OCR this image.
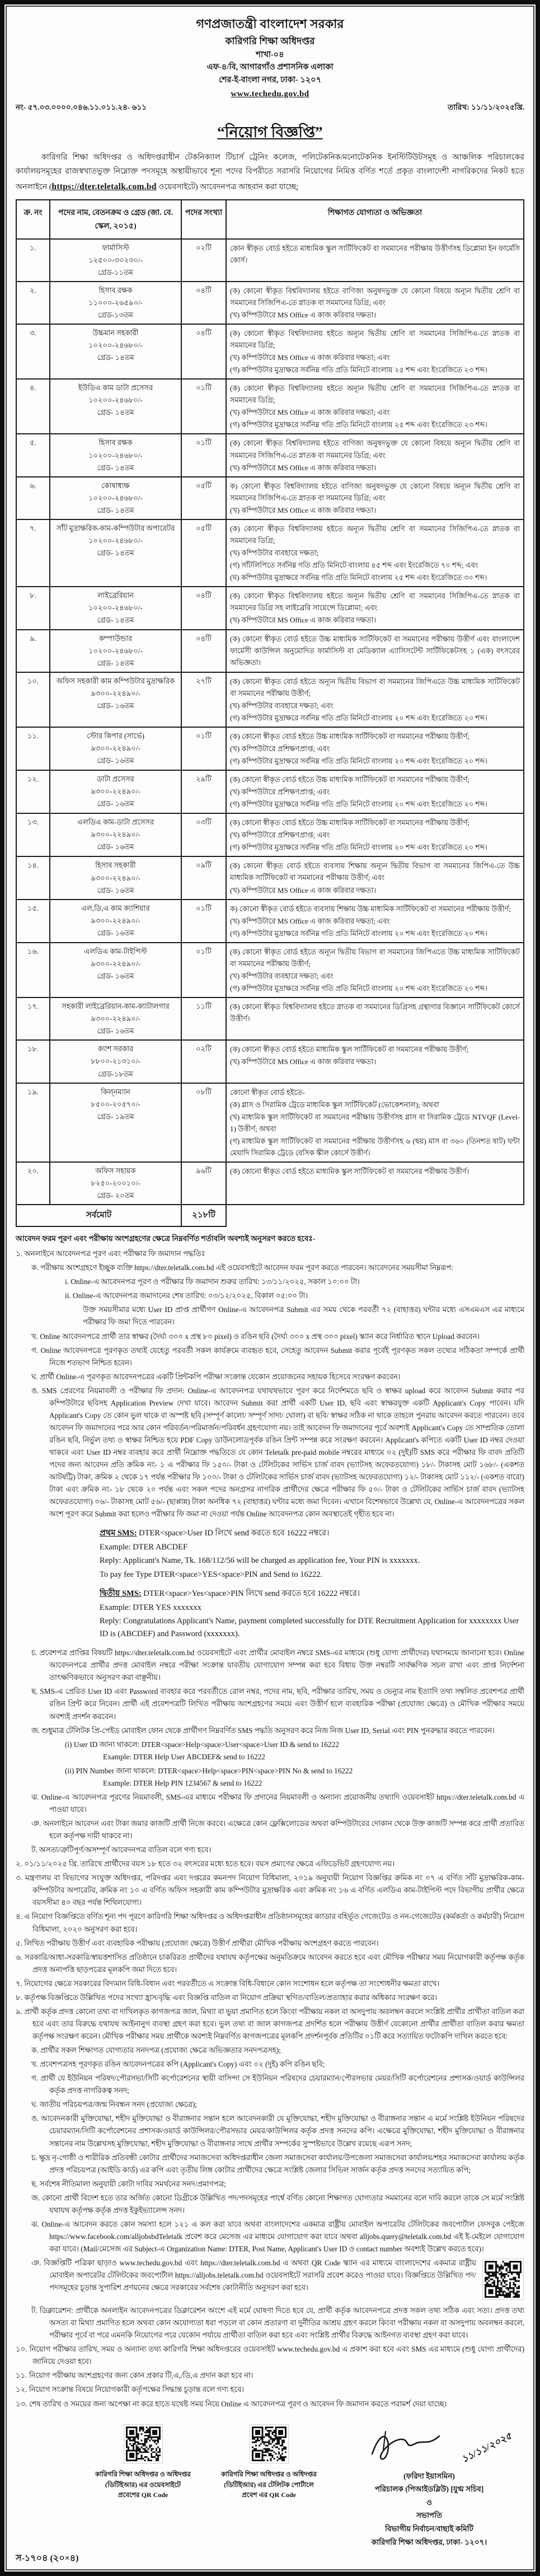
গণপ্রজাতন্ত্রী বাংলাদেশ সরকার
কারিগরি শিক্ষা অধিদপ্তর
শাখা-০৪
এফ-৪/বি, আগারগাঁও প্রশাসনিক এলাকা
শের-ই-বাংলা নগর, ঢাকা- ১২০৭
www.techedu.gov.bd
নং- ৫৭.০৩.০০০০.০৪৬.১১.০১১.২৪- ৬১১	তারিখ: ১১/১১/২০২৫খ্রি.
“নিয়োগ বিজ্ঞপ্তি”

কারিগরি শিক্ষা অধিদপ্তর ও অধিদপ্তরাধীন টেকনিক্যাল টিচার্স ট্রেনিং কলেজ, পলিটেকনিক/মনোটেকনিক ইনস্টিটিউটসমূহ ও আঞ্চলিক পরিচালকের কার্যালয়সমূহের রাজস্বখাতভুক্ত নিম্নোক্ত পদসমূহে অস্থায়ীভাবে শূন্য পদের বিপরীতে সরাসরি নিয়োগের নিমিত্ত বর্ণিত শর্তে প্রকৃত বাংলাদেশী নাগরিকদের নিকট হতে অনলাইনে (https://dter.teletalk.com.bd ওয়েবসাইটে) আবেদনপত্র আহবান করা যাচ্ছে;

ক্র. নং	পদের নাম, বেতনক্রম ও গ্রেড (জা. বে. স্কেল, ২০১৫)	পদের সংখ্যা	শিক্ষাগত যোগ্যতা ও অভিজ্ঞতা
১.	ফার্মাসিস্ট
১২৫০০-৩০২৩০/-
গ্রেড-১১তম	০২টি	কোন স্বীকৃত বোর্ড হইতে মাধ্যমিক স্কুল সার্টিফিকেট বা সমমানের পরীক্ষায় উত্তীর্ণসহ ডিপ্লোমা ইন ফার্মেসি কোর্স।

২.	হিসাব রক্ষক
১১০০০-২৬৫৯০/-
গ্রেড-১৩তম
	০৪টি	(ক) কোনো স্বীকৃত বিশ্ববিদ্যালয় হইতে বাণিজ্য অনুষদভুক্ত যে কোনো বিষয়ে অন্যূন দ্বিতীয় শ্রেণি বা সমমানের সিজিপিএ-তে স্নাতক বা সমমানের ডিগ্রি; এবং
(খ) কম্পিউটারে MS Office এ কাজ করিবার দক্ষতা।

৩.	উচ্চমান সহকারী
১০২০০-২৪৬৮০/-
গ্রেড- ১৪তম
	০৪টি	(ক) কোনো স্বীকৃত বিশ্ববিদ্যালয় হইতে অন্যূন দ্বিতীয় শ্রেণি বা সমমানের সিজিপিএ-তে স্নাতক বা সমমানের ডিগ্রি;
(খ) কম্পিউটারে MS Office এ কাজ করিবার দক্ষতা; এবং
(গ) কম্পিউটার মুদ্রাক্ষরে সর্বনিম্ন গতি প্রতি মিনিটে বাংলায় ২৫ শব্দ এবং ইংরেজিতে ২৩ শব্দ।

৪.	ইউডিএ কাম ডাটা প্রসেসর
১০২০০-২৪৬৮০/-
গ্রেড- ১৪তম
	০১টি	(ক) কোনো স্বীকৃত বিশ্ববিদ্যালয় হইতে অন্যূন দ্বিতীয় শ্রেণি বা সমমানের সিজিপিএ-তে স্নাতক বা সমমানের ডিগ্রি;
(খ) কম্পিউটারে MS Office এ কাজ করিবার দক্ষতা; এবং
(গ) কম্পিউটার মুদ্রাক্ষরে সর্বনিম্ন গতি প্রতি মিনিটে বাংলায় ২৫ শব্দ এবং ইংরেজিতে ২৩ শব্দ।

৫.	হিসাব রক্ষক
১০২০০-২৪৬৮০/-
গ্রেড- ১৪তম
	০১টি	(ক) কোনো স্বীকৃত বিশ্ববিদ্যালয় হইতে বাণিজ্য অনুষদভুক্ত যে কোনো বিষয়ে অন্যূন দ্বিতীয় শ্রেণি বা সমমানের সিজিপিএ-তে স্নাতক বা সমমানের ডিগ্রি; এবং
(খ) কম্পিউটারে MS Office এ কাজ করিবার দক্ষতা।

৬.	কোষাধ্যক্ষ
১০২০০-২৪৬৮০/-
গ্রেড- ১৪তম
	০৫টি	ক) কোনো স্বীকৃত বিশ্ববিদ্যালয় হইতে বাণিজ্য অনুষদভুক্ত যে কোনো বিষয়ে অন্যূন দ্বিতীয় শ্রেণি বা সমমানের সিজিপিএ-তে স্নাতক বা সমমানের ডিগ্রি; এবং
(খ) কম্পিউটারে MS Office এ কাজ করিবার দক্ষতা।

৭.	সাঁট মুদ্রাক্ষরিক-কাম-কম্পিউটার অপারেটর
১০২০০-২৪৬৮০/-
গ্রেড- ১৪তম
	০৫টি	(ক) কোনো স্বীকৃত বিশ্ববিদ্যালয় হইতে অন্যূন দ্বিতীয় শ্রেণি বা সমমানের সিজিপিএ-তে স্নাতক বা সমমানের ডিগ্রি;
(খ) কম্পিউটার ব্যবহারে দক্ষতা;
(গ) সাঁটলিপিতে সর্বনিম্ন গতি প্রতি মিনিটে বাংলায় ৪৫ শব্দ এবং ইংরেজিতে ৭০ শব্দ; এবং
(ঘ) কম্পিউটার মুদ্রাক্ষরে সর্বনিম্ন গতি প্রতি মিনিটে বাংলায় ২৫ শব্দ এবং ইংরেজিতে ৩০ শব্দ।

৮.	লাইব্রেরিয়ান
১০২০০-২৪৬৮০/-
গ্রেড- ১৪তম
	০৪টি	(ক) কোনো স্বীকৃত বিশ্ববিদ্যালয় হইতে অন্যূন দ্বিতীয় শ্রেণি বা সমমানের সিজিপিএ-তে স্নাতক বা সমমানের ডিগ্রি সহ লাইব্রেরি সায়েন্সে ডিপ্লোমা; এবং
(খ) কম্পিউটারে MS Office এ কাজ করিবার দক্ষতা।

৯.	কম্পাউন্ডার
১০২০০-২৪৬৮০/-
গ্রেড- ১৪তম	০৪টি	(ক) কোনো স্বীকৃত বোর্ড হইতে উচ্চ মাধ্যমিক সার্টিফিকেট বা সমমানের পরীক্ষায় উত্তীর্ণ এবং বাংলাদেশ ফার্মেসী কাউন্সিল অনুমোদিত ফার্মাসিস্ট বা মেডিক্যাল এ্যাসিসটেন্ট সার্টিফিকেটসহ ১ (এক) বৎসরের অভিজ্ঞতা।

১০.	অফিস সহকারী কাম কম্পিউটার মুদ্রাক্ষরিক
৯৩০০-২২৪৯০/-
গ্রেড- ১৬তম
	২৭টি	(ক) কোনো স্বীকৃত বোর্ড হইতে অন্যূন দ্বিতীয় বিভাগ বা সমমানের জিপিএতে উচ্চ মাধ্যমিক সার্টিফিকেট বা সমমানের পরীক্ষায় উত্তীর্ণ;
(খ) কম্পিউটার ব্যবহারে দক্ষতা; এবং
(গ) কম্পিউটার মুদ্রাক্ষরে সর্বনিম্ন গতি প্রতি মিনিটে বাংলায় ২০ শব্দ এবং ইংরেজিতে ২০ শব্দ।

১১.	স্টোর কিপার (সার্ভে)
৯৩০০-২২৪৯০/-
গ্রেড- ১৬তম
	০১টি	(ক) কোনো স্বীকৃত বোর্ড হইতে উচ্চ মাধ্যমিক সার্টিফিকেট বা সমমানের পরীক্ষায় উত্তীর্ণ;
(খ) কম্পিউটারে প্রশিক্ষণপ্রাপ্ত; এবং
(গ) কম্পিউটার মুদ্রাক্ষরে সর্বনিম্ন গতি প্রতি মিনিটে বাংলায় ২০ শব্দ এবং ইংরেজিতে ২০ শব্দ।

১২.	ডাটা প্রসেসর
৯৩০০-২২৪৯০/-
গ্রেড- ১৬তম
	২৯টি	(ক) কোনো স্বীকৃত বোর্ড হইতে উচ্চ মাধ্যমিক সার্টিফিকেট বা সমমানের পরীক্ষায় উত্তীর্ণ;
(খ) কম্পিউটারে প্রশিক্ষণপ্রাপ্ত; এবং
(গ) কম্পিউটার মুদ্রাক্ষরে সর্বনিম্ন গতি প্রতি মিনিটে বাংলায় ২০ শব্দ এবং ইংরেজিতে ২০ শব্দ।

১৩.	এলডিএ কাম-ডাটা প্রসেসর
৯৩০০-২২৪৯০/-
গ্রেড- ১৬তম
	০৩টি	(ক) কোনো স্বীকৃত বোর্ড হইতে উচ্চ মাধ্যমিক সার্টিফিকেট বা সমমানের পরীক্ষায় উত্তীর্ণ;
(খ) কম্পিউটারে প্রশিক্ষণপ্রাপ্ত; এবং
(গ) কম্পিউটার মুদ্রাক্ষরে সর্বনিম্ন গতি প্রতি মিনিটে বাংলায় ২০ শব্দ এবং ইংরেজিতে ২০ শব্দ।

১৪.	হিসাব সহকারী
৯৩০০-২২৪৯০/-
গ্রেড- ১৬তম
	০৯টি	(ক) কোনো স্বীকৃত বোর্ড হইতে ব্যবসায় শিক্ষায় অন্যূন দ্বিতীয় বিভাগ বা সমমানের জিপিএ-তে উচ্চ মাধ্যমিক সার্টিফিকেট বা সমমানের পরীক্ষায় উত্তীর্ণ; এবং
(খ) কম্পিউটারে MS Office এ কাজ করিবার দক্ষতা।

১৫.	এল,ডি,এ কাম ক্যাশিয়ার
৯৩০০-২২৪৯০/-
গ্রেড- ১৬তম
	০১টি	ক) কোনো স্বীকৃত বোর্ড হইতে ব্যবসায় শিক্ষায় উচ্চ মাধ্যমিক সার্টিফিকেট বা সমমানের পরীক্ষায় উত্তীর্ণ;
(খ) কম্পিউটারে MS Office এ কাজ করিবার দক্ষতা; এবং
(গ) কম্পিউটার মুদ্রাক্ষরে সর্বনিম্ন গতি প্রতি মিনিটে বাংলায় ২০ শব্দ এবং ইংরেজিতে ২০ শব্দ।

১৬.	এলডিএ কাম-টাইপিস্ট
৯৩০০-২২৪৯০/-
গ্রেড- ১৬তম
	০১টি	(ক) কোনো স্বীকৃত বোর্ড হইতে অন্যূন দ্বিতীয় বিভাগ বা সমমানের জিপিএতে উচ্চ মাধ্যমিক সার্টিফিকেট বা সমমানের পরীক্ষায় উত্তীর্ণ;
(খ) কম্পিউটার ব্যবহারে দক্ষতা; এবং
(গ) কম্পিউটার মুদ্রাক্ষরে সর্বনিম্ন গতি প্রতি মিনিটে বাংলায় ২০ শব্দ এবং ইংরেজিতে ২০ শব্দ।

১৭.	সহকারী লাইব্রেরিয়ান-কাম-ক্যাটালগার
৯৩০০-২২৪৯০/-
গ্রেড- ১৬তম	১১টি	(ক) কোনো স্বীকৃত বিশ্ববিদ্যালয় হইতে স্নাতক বা সমমানের ডিগ্রিসহ গ্রন্থাগার বিজ্ঞানে সার্টিফিকেট কোর্সে উত্তীর্ণ।

১৮.	ক্যাশ সরকার
৮৮০০-২১৩১০/-
গ্রেড-১৮তম
	০২টি	(ক) কোনো স্বীকৃত বোর্ড হইতে মাধ্যমিক স্কুল সার্টিফিকেট বা সমমানের পরীক্ষায় উত্তীর্ণ;
(খ) কম্পিউটারে MS Office এ কাজ করিবার দক্ষতা।

১৯.	কিল্নম্যান
৮৫০০-২০৫৭০/-
গ্রেড- ১৯তম
	০৮টি	কোনো স্বীকৃত বোর্ড হইতে-
(ক) গ্লাস ও সিরামিক ট্রেডে মাধ্যমিক স্কুল সার্টিফিকেট (ভোকেশনাল); অথবা
(খ) মাধ্যমিক স্কুল সার্টিফিকেট বা সমমানের পরীক্ষায় উত্তীর্ণসহ গ্লাস বা সিরামিক ট্রেডে NTVQF (Level-1) উত্তীর্ণ; অথবা
(গ) মাধ্যমিক স্কুল সার্টিফিকেট বা সমমানের পরীক্ষায় উত্তীর্ণসহ ৬ (ছয়) মাস বা ৩৬০ (তিনশত ষাট) ঘন্টা মেয়াদি সিরামিক ট্রেডে বেসিক স্কীল কোর্সে উত্তীর্ণ।

২০.	অফিস সহায়ক
৮২৫০-২০০১০/-
গ্রেড- ২০তম	৯৬টি	(ক) কোনো স্বীকৃত বোর্ড হইতে মাধ্যমিক স্কুল সার্টিফিকেট বা সমমানের পরীক্ষায় উত্তীর্ণ।

সর্বমোট		২১৮টি	

আবেদন ফরম পূরণ এবং পরীক্ষায় অংশগ্রহণের ক্ষেত্রে নিম্নবর্ণিত শর্তাবলি অবশ্যই অনুসরণ করতে হবেঃ-

১. অনলাইনে আবেদনপত্র পূরণ এবং পরীক্ষার ফি জমাদান পদ্ধতিঃ
ক. পরীক্ষায় অংশগ্রহণে ইচ্ছুক ব্যক্তি https://dter.teletalk.com.bd এই ওয়েবসাইটে আবেদন ফরম পূরণ করতে পারবেন। আবেদনের সময়সীমা নিম্নরূপ:
i. Online-এ আবেদনপত্র পূরণ ও পরীক্ষার ফি জমাদান শুরুর তারিখ: ১৩/১১/২০২৫, সকাল ১০:০০ টা।
ii. Online-এ আবেদনপত্র জমাদানের শেষ তারিখ: ০৩/১২/২০২৫, বিকাল ০৫:০০ টা।
উক্ত সময়সীমার মধ্যে User ID প্রাপ্ত প্রার্থীগণ Online-এ আবেদনপত্র Submit এর সময় থেকে পরবর্তী ৭২ (বাহাত্তর) ঘন্টার মধ্যে এসএমএস এর মাধ্যমে পরীক্ষার ফি জমা দিতে পারবেন।
খ. Online আবেদনপত্রে প্রার্থী তার স্বাক্ষর (দৈর্ঘ্য ৩০০ x প্রস্থ ৮০ pixel) ও রঙিন ছবি (দৈর্ঘ্য ৩০০ x প্রস্থ ৩০০ pixel) স্ক্যান করে নির্ধারিত স্থানে Upload করবেন।
গ. Online আবেদনপত্রে পূরণকৃত তথ্যই যেহেতু পরবর্তী সকল কার্যক্রমে ব্যবহৃত হবে, সেহেতু আবেদন Submit করার পূর্বেই পূরণকৃত সকল তথ্যের সঠিকতা সম্পর্কে প্রার্থী নিজে শতভাগ নিশ্চিত হবেন।
ঘ. প্রার্থী Online-এ পূরণকৃত আবেদনপত্রের একটি প্রিন্টকপি পরীক্ষা সংক্রান্ত যেকোন প্রয়োজনের সহায়ক হিসেবে সংরক্ষণ করবেন।
ঙ. SMS প্রেরণের নিয়মাবলী ও পরীক্ষার ফি প্রদান: Online-এ আবেদনপত্র যথাযথভাবে পূরণ করে নির্দেশমতে ছবি ও স্বাক্ষর upload করে আবেদন Submit করার পর কম্পিউটারে ছবিসহ Application Preview দেখা যাবে। আবেদন Submit করা প্রার্থী একটি User ID, ছবি এবং স্বাক্ষরযুক্ত একটি Applicant's Copy পাবেন। যদি Applicant's Copy তে কোন ভুল থাকে বা অস্পষ্ট ছবি (সম্পূর্ণ কালো/ সম্পূর্ণ সাদা/ ঘোলা) বা ছবি/ স্বাক্ষর সঠিক না থাকে তাহলে পুনরায় আবেদন করতে পারবেন। তবে আবেদন ফি জমাদানের পরে আর কোন পরিবর্তন/পরিমার্জন/পরিবর্ধন গ্রহণযোগ্য নয়। তাই আবেদন ফি জমাদানের পূর্বে অবশ্যই Applicant's Copy তে সাম্প্রতিক তোলা রঙিন ছবি, নির্ভুল তথ্য ও স্বাক্ষর নিশ্চিত হয়ে PDF Copy ডাউনলোডপূর্বক রঙিন প্রিন্ট সম্পন্ন করে সংরক্ষণ করবেন। Applicant's কপিতে একটি User ID নম্বর দেওয়া থাকবে এবং User ID নম্বর ব্যবহার করে প্রার্থী নিম্নোক্ত পদ্ধতিতে যে কোন Teletalk pre-paid mobile নম্বরের মাধ্যমে ০২ (দুই)টি SMS করে পরীক্ষার ফি বাবদ প্রতিটি পদের জন্য আবেদন প্রতি ক্রমিক নং- ১ এ পরীক্ষার ফি ১৫০/- টাকা ও টেলিটকের সার্ভিস চার্জ বাবদ (ভ্যাটসহ অফেরতযোগ্য) ১৮/- টাকাসহ মোট ১৬৮/- (একশত আটষট্টি) টাকা, ক্রমিক ২ থেকে ১৭ পর্যন্ত পরীক্ষার ফি ১০০/- টাকা ও টেলিটকের সার্ভিস চার্জ বাবদ (ভ্যাটসহ অফেরতযোগ্য) ১২/- টাকাসহ মোট ১১২/- (একশত বারো) টাকা এবং ক্রমিক নং- ১৮ থেকে ২০ পর্যন্ত এবং সকল পদের অনগ্রসর নাগরিক প্রার্থীদের ক্ষেত্রে পরীক্ষার ফি ৫০/- টাকা ও টেলিটকের সার্ভিস চার্জ বাবদ (ভ্যাটসহ অফেরতযোগ্য) ০৬/- টাকাসহ মোট ৫৬/- (ছাপ্পান্ন) টাকা অনধিক ৭২ (বাহাত্তর) ঘন্টার মধ্যে জমা দিবেন। এখানে বিশেষভাবে উল্লেখ্য যে, Online-এ আবেদনপত্রের সকল অংশ পূরণ করে Submit করা হলেও পরীক্ষার ফি জমা না দেওয়া পর্যন্ত Online আবেদনপত্র কোন অবস্থাতেই গৃহীত হবে না।
প্রথম SMS: DTER<space>User ID লিখে send করতে হবে 16222 নম্বরে।
Example: DTER ABCDEF
Reply: Applicant's Name, Tk. 168/112/56 will be charged as application fee, Your PIN is xxxxxxx.
To pay fee Type DTER<space>YES<space>PIN and Send to 16222.
দ্বিতীয় SMS: DTER<space>Yes<space>PIN লিখে send করতে হবে 16222 নম্বরে।
Example: DTER YES xxxxxxx
Reply: Congratulations Applicant's Name, payment completed successfully for DTE Recruitment Application for xxxxxxxx User ID is (ABCDEF) and Password (xxxxxxx).
চ. প্রবেশপত্র প্রাপ্তির বিষয়টি https://dter.teletalk.com.bd ওয়েবসাইটে এবং প্রার্থীর মোবাইল নম্বরে SMS-এর মাধ্যমে (শুধু যোগ্য প্রার্থীদের) যথাসময়ে জানানো হবে। Online আবেদনপত্রে প্রার্থীর প্রদত্ত মোবাইল নম্বরে পরীক্ষা সংক্রান্ত যাবতীয় যোগাযোগ সম্পন্ন করা হবে বিধায় উক্ত নম্বরটি সার্বক্ষণিক সচল রাখা এবং প্রাপ্ত নির্দেশনা তাৎক্ষণিকভাবে অনুসরণ করা বাঞ্ছনীয়।
ছ. SMS-এ প্রেরিত User ID এবং Password ব্যবহার করে পরবর্তীতে রোল নম্বর, পদের নাম, ছবি, পরীক্ষার তারিখ, সময় ও ভেন্যুর নাম ইত্যাদি তথ্য সম্বলিত প্রবেশপত্র প্রার্থী রঙিন প্রিন্ট করে নিবেন। প্রার্থী এই প্রবেশপত্রটি লিখিত পরীক্ষায় অংশগ্রহণের সময়ে এবং উত্তীর্ণ হলে ব্যবহারিক পরীক্ষা (প্রযোজ্য ক্ষেত্রে) ও মৌখিক পরীক্ষার সময়ে অবশ্যই প্রদর্শন করবেন।
জ. শুধুমাত্র টেলিটক প্রি-পেইড মোবাইল ফোন থেকে প্রার্থীগণ নিম্নবর্ণিত SMS পদ্ধতি অনুসরণ করে নিজ নিজ User ID, Serial এবং PIN পুনরুদ্ধার করতে পারবেন।
(i) User ID জানা থাকলে: DTER<space>Help<space>User<space>User ID & send to 16222
Example: DTER Help User ABCDEF& send to 16222
(ii) PIN Number জানা থাকলে: DTER<space>Help<space>PIN<space>PIN No & send to 16222
Example: DTER Help PIN 1234567 & send to 16222
ঝ. Online-এ আবেদনপত্র পূরণের নিয়মাবলী, SMS-এর মাধ্যমে পরীক্ষার ফি প্রদানের নিয়মাবলী ও অন্যান্য প্রয়োজনীয় তথ্যাদি ওয়েবসাইট https://dter.teletalk.com.bd এ পাওয়া যাবে।
ঞ. অনলাইনে আবেদন এবং টাকা জমার কাজটি প্রার্থী নিজে করবে। এক্ষেত্রে কোন ফ্লেক্সিলোডের অথবা কম্পিউটারের দোকান থেকে উক্ত কাজটি সম্পন্ন করে প্রার্থী প্রতারিত হলে কর্তৃপক্ষ দায়ী থাকবে না।
ট. অসত্য/ত্রুটিপূর্ণ/অসম্পূর্ণ আবেদনপত্র বাতিল বলে গণ্য হবে।
২. ০১/১১/২০২৫ খ্রি. তারিখে প্রার্থীদের বয়স ১৮ হতে ৩২ বৎসরের মধ্যে হতে হবে। বয়স প্রমাণের ক্ষেত্রে এফিডেভিট গ্রহণযোগ্য নয়।
৩. মন্ত্রণালয় বা বিভাগের সংযুক্ত অধিদপ্তর, পরিদপ্তর এবং দপ্তরের কমনপদ নিয়োগ বিধিমালা, ২০১৯ অনুযায়ী নিয়োগ বিজ্ঞপ্তির ক্রমিক নং ০৭ এ বর্ণিত সাঁট মুদ্রাক্ষরিক-কাম-কম্পিউটার অপারেটর, ক্রমিক নং ১০ এ বর্ণিত অফিস সহকারী কাম কম্পিউটার মুদ্রাক্ষরিক এবং ক্রমিক নং ১৬ এ বর্ণিত এলডিএ কাম-টাইপিস্ট পদে বিভাগীয় প্রার্থীর ক্ষেত্রে বয়সসীমা ৪০ বছর পর্যন্ত শিথিলযোগ্য।
৪. এ নিয়োগ বিজ্ঞপ্তিতে বর্ণিত শূন্য পদ পূরণে কারিগরি শিক্ষা অধিদপ্তর ও অধিদপ্তরাধীন প্রতিষ্ঠানসমূহের ক্যাডার বহির্ভূত গেজেটেড ও নন-গেজেটেড (কর্মকর্তা ও কর্মচারী) নিয়োগ বিধিমালা, ২০২০ অনুসরণ করা হবে।
৫. লিখিত পরীক্ষায় উত্তীর্ণ এবং ব্যবহারিক পরীক্ষায় (প্রযোজ্য ক্ষেত্রে) উত্তীর্ণ প্রার্থীরা মৌখিক পরীক্ষায় অংশগ্রহণ করতে পারবেন।
৬. সরকারি/আধা-সরকারি/স্বায়ত্তশাসিত প্রতিষ্ঠানে চাকরিরত প্রার্থীদের যথাযথ কর্তৃপক্ষের অনুমতিক্রমে আবেদন করতে হবে এবং মৌখিক পরীক্ষার সময় নিয়োগকারী কর্তৃপক্ষ কর্তৃক প্রদত্ত অনাপত্তি ছাড়পত্রের মূলকপি জমা দিতে হবে।
৭. নিয়োগের ক্ষেত্রে সরকারের বিদ্যমান বিধি-বিধান এবং পরবর্তীতে এ সংক্রান্ত বিধি-বিধানে কোন সংশোধন হলে কর্তৃপক্ষ তা সংশোধনীর ক্ষমতা রাখে।
৮. কর্তৃপক্ষ বিজ্ঞপ্তিতে উল্লিখিত পদের সংখ্যা হ্রাস/বৃদ্ধি এবং বিজ্ঞপ্তি বাতিল বা নিয়োগ প্রক্রিয়া স্থগিত/বাতিল/প্রত্যাহার করার অধিকার সংরক্ষণ করে।
৯. প্রার্থী কর্তৃক প্রদত্ত কোনো তথ্য বা দাখিলকৃত কাগজপত্র জাল, মিথ্যা বা ভুয়া প্রমাণিত হলে কিংবা পরীক্ষায় নকল বা অসদুপায় অবলম্বন করলে সংশ্লিষ্ট প্রার্থীর প্রার্থীতা বাতিল করা হবে এবং তার বিরুদ্ধে যথাযথ আইনানুগ ব্যবস্থা গ্রহণ করা হবে। ভুল তথ্য বা জাল কাগজপত্র প্রদর্শিত হলে পরীক্ষায় উত্তীর্ণ যেকোনো প্রার্থীর প্রার্থীতা বাতিল করার ক্ষমতা কর্তৃপক্ষ সংরক্ষণ করেন। মৌখিক পরীক্ষার সময় প্রার্থীকে অবশ্যই নিম্নবর্ণিত কাগজপত্রের মূলকপি প্রদর্শনপূর্বক প্রতিটির ০১টি করে সত্যায়িত ফটোকপি দাখিল করতে হবে:
ক. প্রার্থীর সকল শিক্ষাগত যোগ্যতার সনদপত্র (প্রযোজ্য ক্ষেত্রে অভিজ্ঞতার সনদপত্রসহ);
খ. প্রবেশপত্রসহ পূরণকৃত রঙিন আবেদনপত্রের কপি (Applicant's Copy) এবং ০২ (দুই) কপি রঙিন ছবি;
গ. প্রার্থী যে ইউনিয়ন পরিষদ/পৌরসভা/সিটি কর্পোরেশনের স্থায়ী বাসিন্দা সে ইউনিয়ন পরিষদের চেয়ারম্যান/পৌরসভার মেয়র/সিটি কর্পোরেশনের প্রশাসক/ওয়ার্ড কাউন্সিলর কর্তৃক প্রদত্ত নাগরিকত্ব সনদ;
ঘ. জাতীয় পরিচয়পত্র/জন্ম নিবন্ধন সনদ (প্রযোজ্য ক্ষেত্রে);
ঙ. আবেদনকারী মুক্তিযোদ্ধা, শহীদ মুক্তিযোদ্ধা ও বীরাঙ্গনার সন্তান হলে আবেদনকারী যে মুক্তিযোদ্ধা, শহীদ মুক্তিযোদ্ধা ও বীরাঙ্গনার সন্তান এ মর্মে সংশ্লিষ্ট ইউনিয়ন পরিষদের চেয়ারম্যান/সিটি কর্পোরেশনের প্রশাসক/ওয়ার্ড কাউন্সিলর/পৌরসভার মেয়র/কাউন্সিলর কর্তৃক প্রদত্ত সনদের কপি। এক্ষেত্রে মুক্তিযোদ্ধা, শহীদ মুক্তিযোদ্ধা ও বীরাঙ্গনার সন্তানের নাম উল্লেখসহ মুক্তিযোদ্ধা, শহীদ মুক্তিযোদ্ধা ও বীরাঙ্গনার সাথে প্রার্থীর সম্পর্কের সুস্পষ্টভাবে উল্লেখ রয়েছে এরূপ সনদ;
চ. ক্ষুদ্র নৃ-গোষ্ঠী ও শারীরিক প্রতিবন্ধী কোটার প্রার্থীদের সমাজসেবা অধিদপ্তরাধীন জেলা সমাজসেবা কার্যালয়/উপজেলা সমাজসেবা কার্যালয়/শহর সমাজসেবা কার্যালয় কর্তৃক প্রদত্ত পরিচয়পত্র (আইডি কার্ড) এর কপি এবং তৃতীয় লিঙ্গ কোটার প্রার্থীদের ক্ষেত্রে সংশ্লিষ্ট জেলার সিভিল সার্জন কর্তৃক প্রদত্ত সনদের সত্যায়িত কপি;
ছ. সর্বশেষ নীতিমালা অনুযায়ী কোটা দাবির সমর্থনের সনদ/প্রমাণপত্র;
জ. কোনো প্রার্থী বিদেশ হতে তার অর্জিত কোনো ডিগ্রীকে উল্লিখিত পদ/পদসমূহের পার্শ্বে বর্ণিত কোনো শিক্ষাগত যোগ্যতার সমমানের বলে দাবি করলে তাকে সে মর্মে সংশ্লিষ্ট যথাযথ কর্তৃপক্ষ কর্তৃক প্রদত্ত ইকুইভ্যালেন্স সনদ।
ঝ. Online-এ আবেদন করতে কোন সমস্যা হলে ১২১ এ কল করা যাবে অথবা বাংলাদেশের একমাত্র রাষ্ট্রীয় মোবাইল অপারেটর টেলিটকের জবপোর্টাল ফেসবুক পেইজে https://www.facebook.com/alljobsbdTeletalk প্রবেশ করে মেসেজ এর মাধ্যমে যোগাযোগ করা যাবে অথবা alljobs.query@teletalk.com.bd এই ই-মেইলে যোগাযোগ করা যাবে। (Mail/মেসেজ এর Subject-এ Organization Name: DTER, Post Name, Applicant's User ID ও contact number অবশ্যই উল্লেখ করতে হবে)।
ঞ. বিজ্ঞপ্তিটি পত্রিকা ছাড়াও www.techedu.gov.bd এবং https://dter.teletalk.com.bd এ অথবা QR Code স্ক্যান এর মাধ্যমে বাংলাদেশের একমাত্র রাষ্ট্রীয় মোবাইল অপারেটর টেলিটকের জবপোর্টাল https://alljobs.teletalk.com.bd ওয়েবসাইটে সরাসরি প্রবেশ করেও পাওয়া যাবে। বিজ্ঞপ্তিতে উল্লিখিত পদ/পদসমূহের চূড়ান্ত সুপারিশ প্রণয়নের ক্ষেত্রে সরকারের সর্বশেষ কোটানীতি অনুসরণ করা হবে।
ট. ডিক্লারেশন: প্রার্থীকে অনলাইন আবেদনপত্রের ডিক্লারেশন অংশে এই মর্মে ঘোষণা দিতে হবে যে, প্রার্থী কর্তৃক আবেদনপত্রে প্রদত্ত সকল তথ্য সঠিক এবং সত্য। প্রদত্ত তথ্য অসত্য বা মিথ্যা প্রমাণিত হলে অথবা কোন অযোগ্যতা ধরা পড়লে বা কোন প্রতারণা বা দুর্নীতির আশ্রয় গ্রহণ করলে কিংবা পরীক্ষায় নকল বা অসদুপায় অবলম্বন করলে, পরীক্ষার পূর্বে বা পরে এমনকি নিয়োগের পরে যেকোন পর্যায়ে প্রার্থীতা বাতিল করা হবে এবং সংশ্লিষ্ট প্রার্থীর বিরুদ্ধে আইনগত ব্যবস্থা গ্রহণ করা যাবে।
১০. নিয়োগ পরীক্ষার তারিখ, সময় ও অন্যান্য তথ্য কারিগরি শিক্ষা অধিদপ্তরের ওয়েবসাইট www.techedu.gov.bd এ প্রকাশ করা হবে এবং SMS এর মাধ্যমে (শুধু যোগ্য প্রার্থীদের) জানিয়ে দেওয়া হবে।
১১. নিয়োগ পরীক্ষায় অংশগ্রহণের জন্য কোন প্রকার টি,এ,/ডি,এ প্রদান করা হবে না।
১২. নিয়োগ সংক্রান্ত বিষয়ে নিয়োগকারী কর্তৃপক্ষের সিদ্ধান্ত চূড়ান্ত বলে গণ্য হবে।
১৩. শেষ তারিখ ও সময়ের জন্য অপেক্ষা না করে হাতে যথেষ্ট সময় নিয়ে Online এ আবেদনপত্র পূরণ ও আবেদন ফি জমাদান করতে পরামর্শ দেয়া যাচ্ছে।
কারিগরি শিক্ষা অধিদপ্তর ও অধিদপ্তর (ডিটিইআর) এর ওয়েবসাইটে প্রবেশের QR Code
কারিগরি শিক্ষা অধিদপ্তর ও অধিদপ্তর (ডিটিইআর) এর টেলিটক পোর্টালে প্রবেশ এর QR Code
১১/১১/২০২৫
(ফরিদা ইয়াসমিন)
পরিচালক (পিআইডব্লিউ) [যুগ্ম সচিব]
ও
সভাপতি
বিভাগীয় নির্বাচন/বাছাই কমিটি
কারিগরি শিক্ষা অধিদপ্তর, ঢাকা- ১২০৭।
স-১৭০৪ (২০×৪)
